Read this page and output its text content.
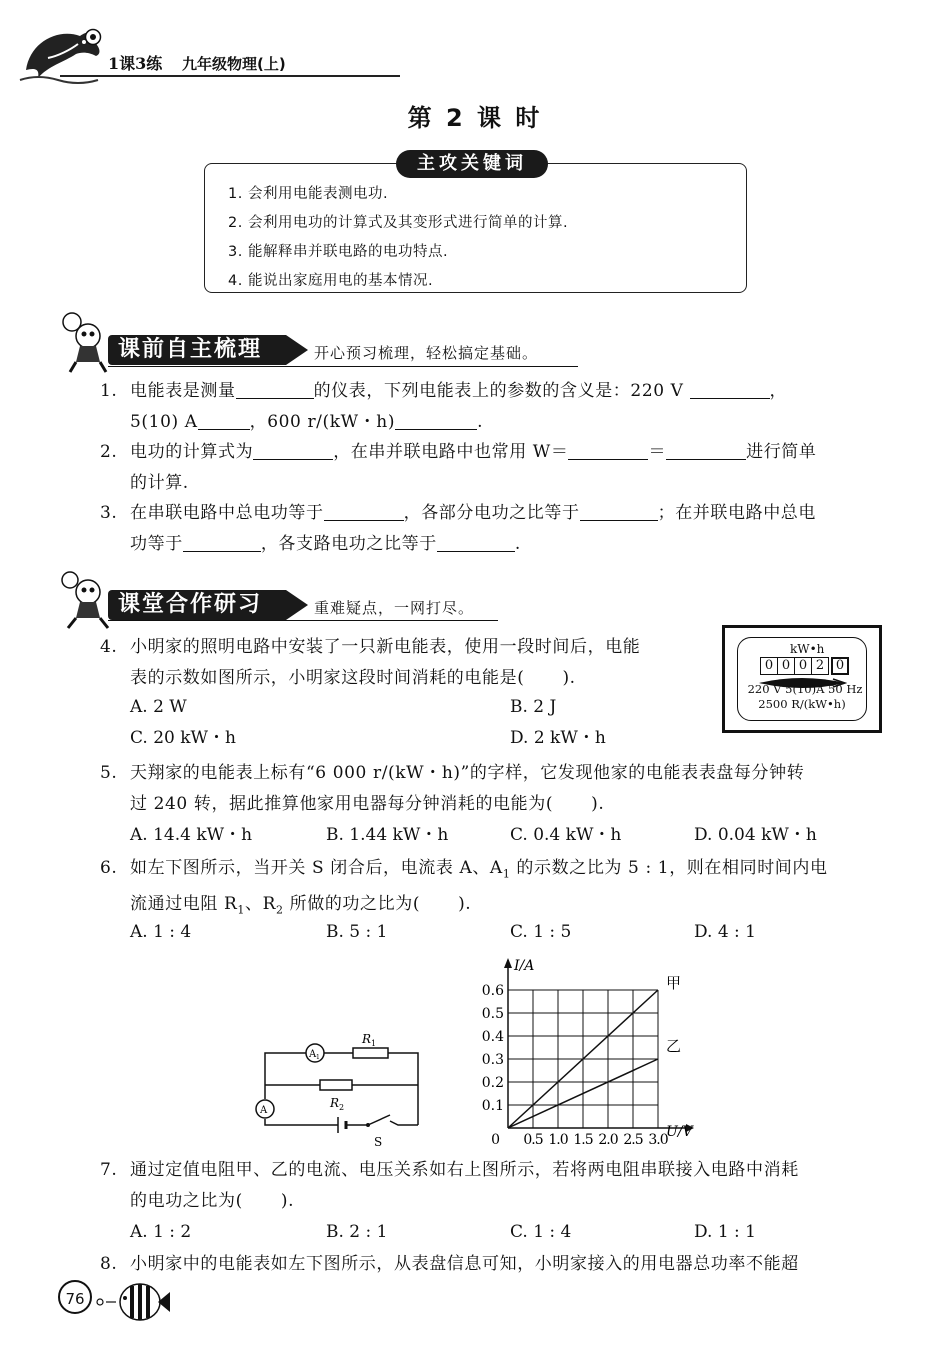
1课3练 九年级物理(上)
第 2 课 时
主攻关键词
1. 会利用电能表测电功.
2. 会利用电功的计算式及其变形式进行简单的计算.
3. 能解释串并联电路的电功特点.
4. 能说出家庭用电的基本情况.
课前自主梳理	开心预习梳理，轻松搞定基础。
1. 电能表是测量	的仪表，下列电能表上的参数的含义是：220 V	，
5(10) A	，600 r/(kW・h)	.
2. 电功的计算式为	，在串并联电路中也常用 W＝	＝	进行简单
的计算.
3. 在串联电路中总电功等于	，各部分电功之比等于	；在并联电路中总电
功等于	，各支路电功之比等于	.
课堂合作研习	重难疑点，一网打尽。
4. 小明家的照明电路中安装了一只新电能表，使用一段时间后，电能
表的示数如图所示，小明家这段时间消耗的电能是( ).
A. 2 W	B. 2 J
C. 20 kW・h	D. 2 kW・h
kW•h
0 0 0 2 0
220 V 5(10)A 50 Hz
2500 R/(kW•h)
5. 天翔家的电能表上标有“6 000 r/(kW・h)”的字样，它发现他家的电能表表盘每分钟转
过 240 转，据此推算他家用电器每分钟消耗的电能为( ).
A. 14.4 kW・h	B. 1.44 kW・h	C. 0.4 kW・h	D. 0.04 kW・h
6. 如左下图所示，当开关 S 闭合后，电流表 A、$A_1$ 的示数之比为 5 : 1，则在相同时间内电
流通过电阻 $R_1$、$R_2$ 所做的功之比为( ).
A. 1 : 4	B. 5 : 1	C. 1 : 5	D. 4 : 1
A 1
R 1
R 2
A
S	0.5 1.0 1.5 2.0 2.5 3.0
0.1
0.2
0.3
0.4
0.5
0.6
0	U/V
I/A
甲
乙
7. 通过定值电阻甲、乙的电流、电压关系如右上图所示，若将两电阻串联接入电路中消耗
的电功之比为( ).
A. 1 : 2	B. 2 : 1	C. 1 : 4	D. 1 : 1
8. 小明家中的电能表如左下图所示，从表盘信息可知，小明家接入的用电器总功率不能超
76
